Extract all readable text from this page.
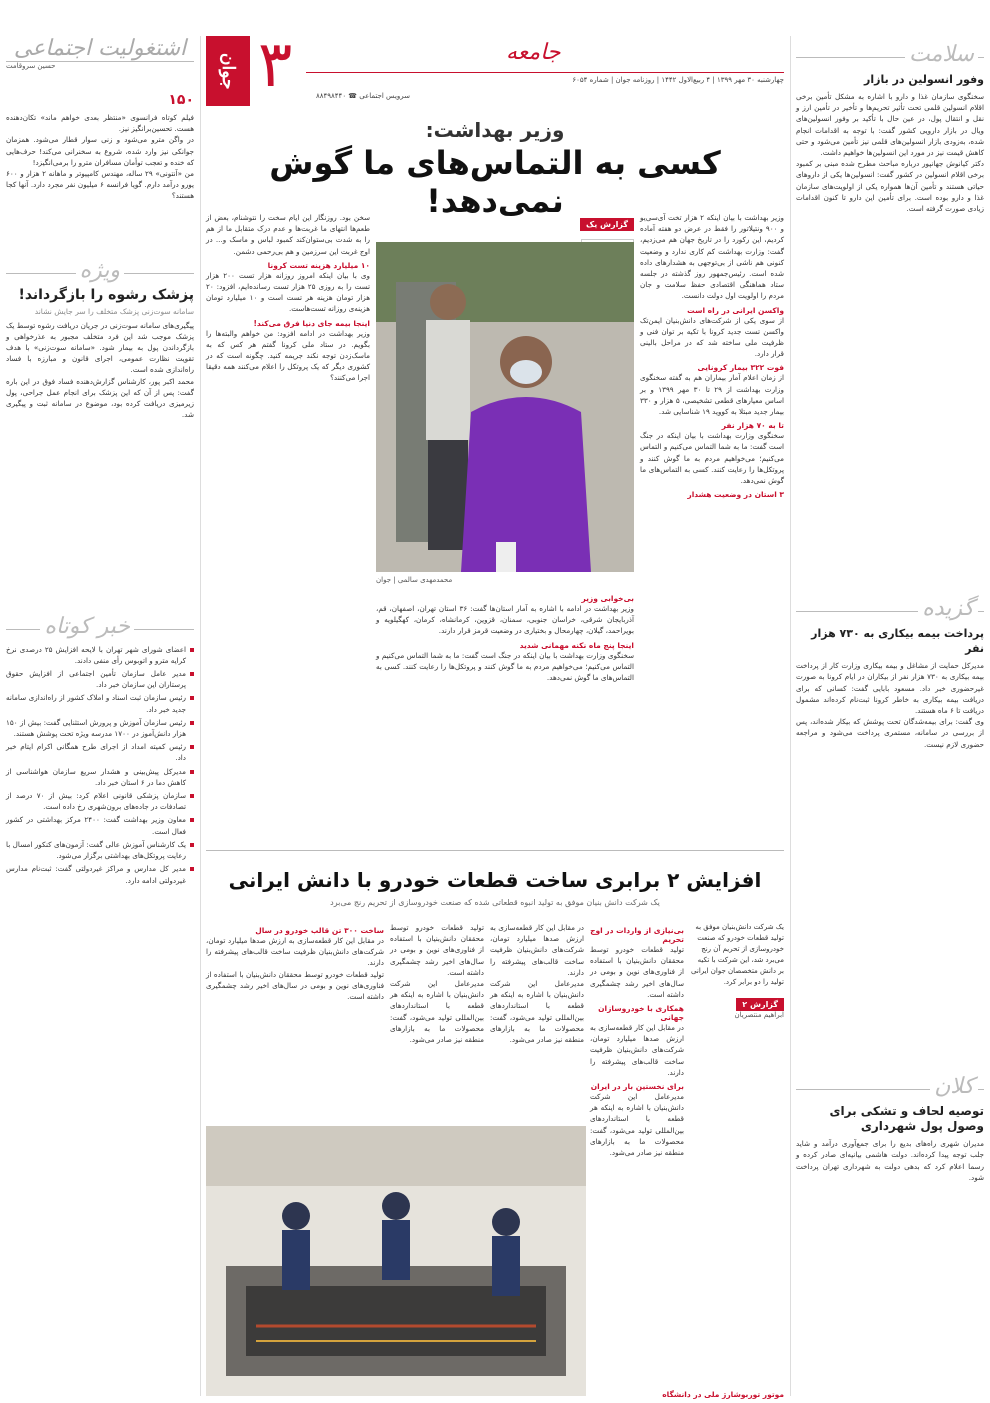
اشتغولیت اجتماعی
حسین سروقامت
۱۵۰
فیلم کوتاه فرانسوی «منتظر بعدی خواهم ماند» تکان‌دهنده هست. تحسین‌برانگیز نیز.
در واگن مترو می‌شود و زنی سوار قطار می‌شود. همزمان جوانکی نیز وارد شده، شروع به سخنرانی می‌کند! حرف‌هایی که خنده و تعجب توأمان مسافران مترو را برمی‌انگیزد!
من «آنتونی» ۲۹ ساله، مهندس کامپیوتر و ماهانه ۲ هزار و ۶۰۰ یورو درآمد دارم. گویا فرانسه ۶ میلیون نفر مجرد دارد. آنها کجا هستند؟
ویژه
پزشک رشوه را بازگرداند!
سامانه سوت‌زنی پزشک متخلف را سر جایش نشاند
پیگیری‌های سامانه سوت‌زنی در جریان دریافت رشوه توسط یک پزشک موجب شد این فرد متخلف مجبور به عذرخواهی و بازگرداندن پول به بیمار شود. «سامانه سوت‌زنی» با هدف تقویت نظارت عمومی، اجرای قانون و مبارزه با فساد راه‌اندازی شده است.
محمد اکبر پور، کارشناس گزارش‌دهنده فساد فوق در این باره گفت: پس از آن که این پزشک برای انجام عمل جراحی، پول زیرمیزی دریافت کرده بود، موضوع در سامانه ثبت و پیگیری شد.
خبر کوتاه
اعضای شورای شهر تهران با لایحه افزایش ۲۵ درصدی نرخ کرایه مترو و اتوبوس رأی منفی دادند.
مدیر عامل سازمان تأمین اجتماعی از افزایش حقوق پرستاران این سازمان خبر داد.
رئیس سازمان ثبت اسناد و املاک کشور از راه‌اندازی سامانه جدید خبر داد.
رئیس سازمان آموزش و پرورش استثنایی گفت: بیش از ۱۵۰ هزار دانش‌آموز در ۱۷۰۰ مدرسه ویژه تحت پوشش هستند.
رئیس کمیته امداد از اجرای طرح همگانی اکرام ایتام خبر داد.
مدیرکل پیش‌بینی و هشدار سریع سازمان هواشناسی از کاهش دما در ۶ استان خبر داد.
سازمان پزشکی قانونی اعلام کرد: بیش از ۷۰ درصد از تصادفات در جاده‌های برون‌شهری رخ داده است.
معاون وزیر بهداشت گفت: ۲۴۰۰ مرکز بهداشتی در کشور فعال است.
یک کارشناس آموزش عالی گفت: آزمون‌های کنکور امسال با رعایت پروتکل‌های بهداشتی برگزار می‌شود.
مدیر کل مدارس و مراکز غیردولتی گفت: ثبت‌نام مدارس غیردولتی ادامه دارد.
جوان ۳	جامعه
چهارشنبه ۳۰ مهر ۱۳۹۹ | ۴ ربیع‌الاول ۱۴۴۲ | روزنامه جوان | شماره ۶۰۵۴
سرویس اجتماعی ☎ ۸۸۴۹۸۴۴۰
وزیر بهداشت:
کسی به التماس‌های ما گوش نمی‌دهد!	وزیر بهداشت با بیان اینکه ۲ هزار تخت آی‌سی‌یو و ۹۰۰ ونتیلاتور را فقط در عرض دو هفته آماده کردیم، این رکورد را در تاریخ جهان هم می‌زدیم، گفت: وزارت بهداشت کم کاری ندارد و وضعیت کنونی هم ناشی از بی‌توجهی به هشدارهای داده شده است. رئیس‌جمهور روز گذشته در جلسه ستاد هماهنگی اقتصادی حفظ سلامت و جان مردم را اولویت اول دولت دانست.
واکسن ایرانی در راه است
از سوی یکی از شرکت‌های دانش‌بنیان ایمن‌تک واکسن تست جدید کرونا با تکیه بر توان فنی و ظرفیت ملی ساخته شد که در مراحل بالینی قرار دارد.
فوت ۳۲۲ بیمار کرونایی
از زمان اعلام آمار بیماران هم به گفته سخنگوی وزارت بهداشت از ۲۹ تا ۳۰ مهر ۱۳۹۹ و بر اساس معیارهای قطعی تشخیصی، ۵ هزار و ۳۳۰ بیمار جدید مبتلا به کووید ۱۹ شناسایی شد.
تا به ۷۰ هزار نفر
سخنگوی وزارت بهداشت با بیان اینکه در جنگ است گفت: ما به شما التماس می‌کنیم و التماس می‌کنیم؛ می‌خواهیم مردم به ما گوش کنند و پروتکل‌ها را رعایت کنند. کسی به التماس‌های ما گوش نمی‌دهد.
۳ استان در وضعیت هشدار
گزارش یک
محمدمهدی سالمی | جوان
سخن بود. روزنگار این ایام سخت را نتوشنام، بعض از طعم‌ها انتهای ما غربت‌ها و عدم درک متقابل ما از هم را به شدت بی‌ستوان‌کند کمبود لباس و ماسک و... در اوج غربت این سرزمین و هم بی‌رحمی دشمن.
۱۰ میلیارد هزینه تست کرونا
وی با بیان اینکه امروز روزانه هزار تست ۲۰۰ هزار تست را به روزی ۲۵ هزار تست رسانده‌ایم، افزود: ۲۰ هزار تومان هزینه هر تست است و ۱۰ میلیارد تومان هزینه‌ی روزانه تست‌هاست.
اینجا بیمه جای دنیا فرق می‌کند!
وزیر بهداشت در ادامه افزود: من خواهم والبته‌ها را بگویم. در ستاد ملی کرونا گفتم هر کس که به ماسک‌زدن توجه نکند جریمه کنید. چگونه است که در کشوری دیگر که یک پروتکل را اعلام می‌کنند همه دقیقا اجرا می‌کنند؟
بی‌خوابی وزیر
وزیر بهداشت در ادامه با اشاره به آمار استان‌ها گفت: ۳۶ استان تهران، اصفهان، قم، آذربایجان شرقی، خراسان جنوبی، سمنان، قزوین، کرمانشاه، کرمان، کهگیلویه و بویراحمد، گیلان، چهارمحال و بختیاری در وضعیت قرمز قرار دارند.
اینجا پنج ماه نکنه مهمانی شدید
سخنگوی وزارت بهداشت با بیان اینکه در جنگ است گفت: ما به شما التماس می‌کنیم و التماس می‌کنیم؛ می‌خواهیم مردم به ما گوش کنند و پروتکل‌ها را رعایت کنند. کسی به التماس‌های ما گوش نمی‌دهد.
افزایش ۲ برابری ساخت قطعات خودرو با دانش ایرانی
یک شرکت دانش بنیان موفق به تولید انبوه قطعاتی شده که صنعت خودروسازی از تحریم رنج می‌برد
یک شرکت دانش‌بنیان موفق به تولید قطعات خودرو که صنعت خودروسازی از تحریم آن رنج می‌برد شد، این شرکت با تکیه بر دانش متخصصان جوان ایرانی تولید را دو برابر کرد.
گزارش ۲
ابراهیم منتصریان
بی‌نیازی از واردات در اوج تحریم
تولید قطعات خودرو توسط محققان دانش‌بنیان با استفاده از فناوری‌های نوین و بومی در سال‌های اخیر رشد چشمگیری داشته است.
همکاری با خودروسازان جهانی
در مقابل این کار قطعه‌سازی به ارزش صدها میلیارد تومان، شرکت‌های دانش‌بنیان ظرفیت ساخت قالب‌های پیشرفته را دارند.
برای نخستین بار در ایران
مدیرعامل این شرکت دانش‌بنیان با اشاره به اینکه هر قطعه با استانداردهای بین‌المللی تولید می‌شود، گفت: محصولات ما به بازارهای منطقه نیز صادر می‌شود.
در مقابل این کار قطعه‌سازی به ارزش صدها میلیارد تومان، شرکت‌های دانش‌بنیان ظرفیت ساخت قالب‌های پیشرفته را دارند.
مدیرعامل این شرکت دانش‌بنیان با اشاره به اینکه هر قطعه با استانداردهای بین‌المللی تولید می‌شود، گفت: محصولات ما به بازارهای منطقه نیز صادر می‌شود.
تولید قطعات خودرو توسط محققان دانش‌بنیان با استفاده از فناوری‌های نوین و بومی در سال‌های اخیر رشد چشمگیری داشته است.
مدیرعامل این شرکت دانش‌بنیان با اشاره به اینکه هر قطعه با استانداردهای بین‌المللی تولید می‌شود، گفت: محصولات ما به بازارهای منطقه نیز صادر می‌شود.
ساخت ۳۰۰ تن قالب خودرو در سال
در مقابل این کار قطعه‌سازی به ارزش صدها میلیارد تومان، شرکت‌های دانش‌بنیان ظرفیت ساخت قالب‌های پیشرفته را دارند.
تولید قطعات خودرو توسط محققان دانش‌بنیان با استفاده از فناوری‌های نوین و بومی در سال‌های اخیر رشد چشمگیری داشته است.
موتور توربوشارژ ملی در دانشگاه
سلامت
وفور انسولین در بازار
سخنگوی سازمان غذا و دارو با اشاره به مشکل تأمین برخی اقلام انسولین قلمی تحت تأثیر تحریم‌ها و تأخیر در تأمین ارز و نقل و انتقال پول، در عین حال با تأکید بر وفور انسولین‌های ویال در بازار دارویی کشور گفت: با توجه به اقدامات انجام شده، به‌زودی بازار انسولین‌های قلمی نیز تأمین می‌شود و حتی کاهش قیمت نیز در مورد این انسولین‌ها خواهیم داشت.
دکتر کیانوش جهانپور درباره مباحث مطرح شده مبنی بر کمبود برخی اقلام انسولین در کشور گفت: انسولین‌ها یکی از داروهای حیاتی هستند و تأمین آن‌ها همواره یکی از اولویت‌های سازمان غذا و دارو بوده است. برای تأمین این دارو تا کنون اقدامات زیادی صورت گرفته است.
گزیده
پرداخت بیمه بیکاری به ۷۳۰ هزار نفر
مدیرکل حمایت از مشاغل و بیمه بیکاری وزارت کار از پرداخت بیمه بیکاری به ۷۳۰ هزار نفر از بیکاران در ایام کرونا به صورت غیرحضوری خبر داد. مسعود بابایی گفت: کسانی که برای دریافت بیمه بیکاری به خاطر کرونا ثبت‌نام کرده‌اند مشمول دریافت تا ۶ ماه هستند.
وی گفت: برای بیمه‌شدگان تحت پوشش که بیکار شده‌اند، پس از بررسی در سامانه، مستمری پرداخت می‌شود و مراجعه حضوری لازم نیست.
کلان
توصیه لحاف و تشکی برای وصول پول شهرداری
مدیران شهری راه‌های بدیع را برای جمع‌آوری درآمد و شاید جلب توجه پیدا کرده‌اند. دولت هاشمی بیانیه‌ای صادر کرده و رسما اعلام کرد که بدهی دولت به شهرداری تهران پرداخت شود.
